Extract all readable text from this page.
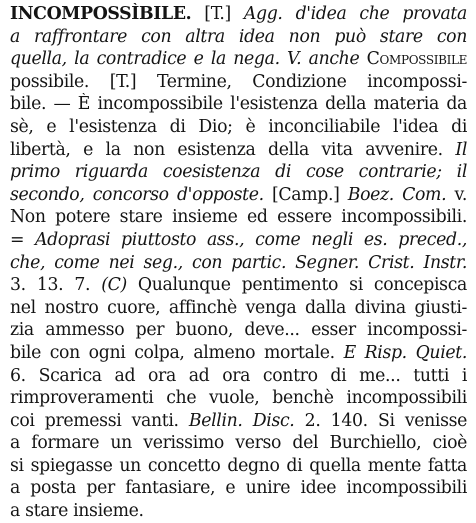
INCOMPOSSÌBILE. [T.] Agg. d'idea che provata
a raffrontare con altra idea non può stare con
quella, la contradice e la nega. V. anche Compossibile
possibile. [T.] Termine, Condizione incompossi-
bile. — È incompossibile l'esistenza della materia da
sè, e l'esistenza di Dio; è inconciliabile l'idea di
libertà, e la non esistenza della vita avvenire. Il
primo riguarda coesistenza di cose contrarie; il
secondo, concorso d'opposte. [Camp.] Boez. Com. v.
Non potere stare insieme ed essere incompossibili.
= Adoprasi piuttosto ass., come negli es. preced.,
che, come nei seg., con partic. Segner. Crist. Instr.
3. 13. 7. (C) Qualunque pentimento si concepisca
nel nostro cuore, affinchè venga dalla divina giusti-
zia ammesso per buono, deve... esser incompossi-
bile con ogni colpa, almeno mortale. E Risp. Quiet.
6. Scarica ad ora ad ora contro di me... tutti i
rimproveramenti che vuole, benchè incompossibili
coi premessi vanti. Bellin. Disc. 2. 140. Si venisse
a formare un verissimo verso del Burchiello, cioè
si spiegasse un concetto degno di quella mente fatta
a posta per fantasiare, e unire idee incompossibili
a stare insieme.
